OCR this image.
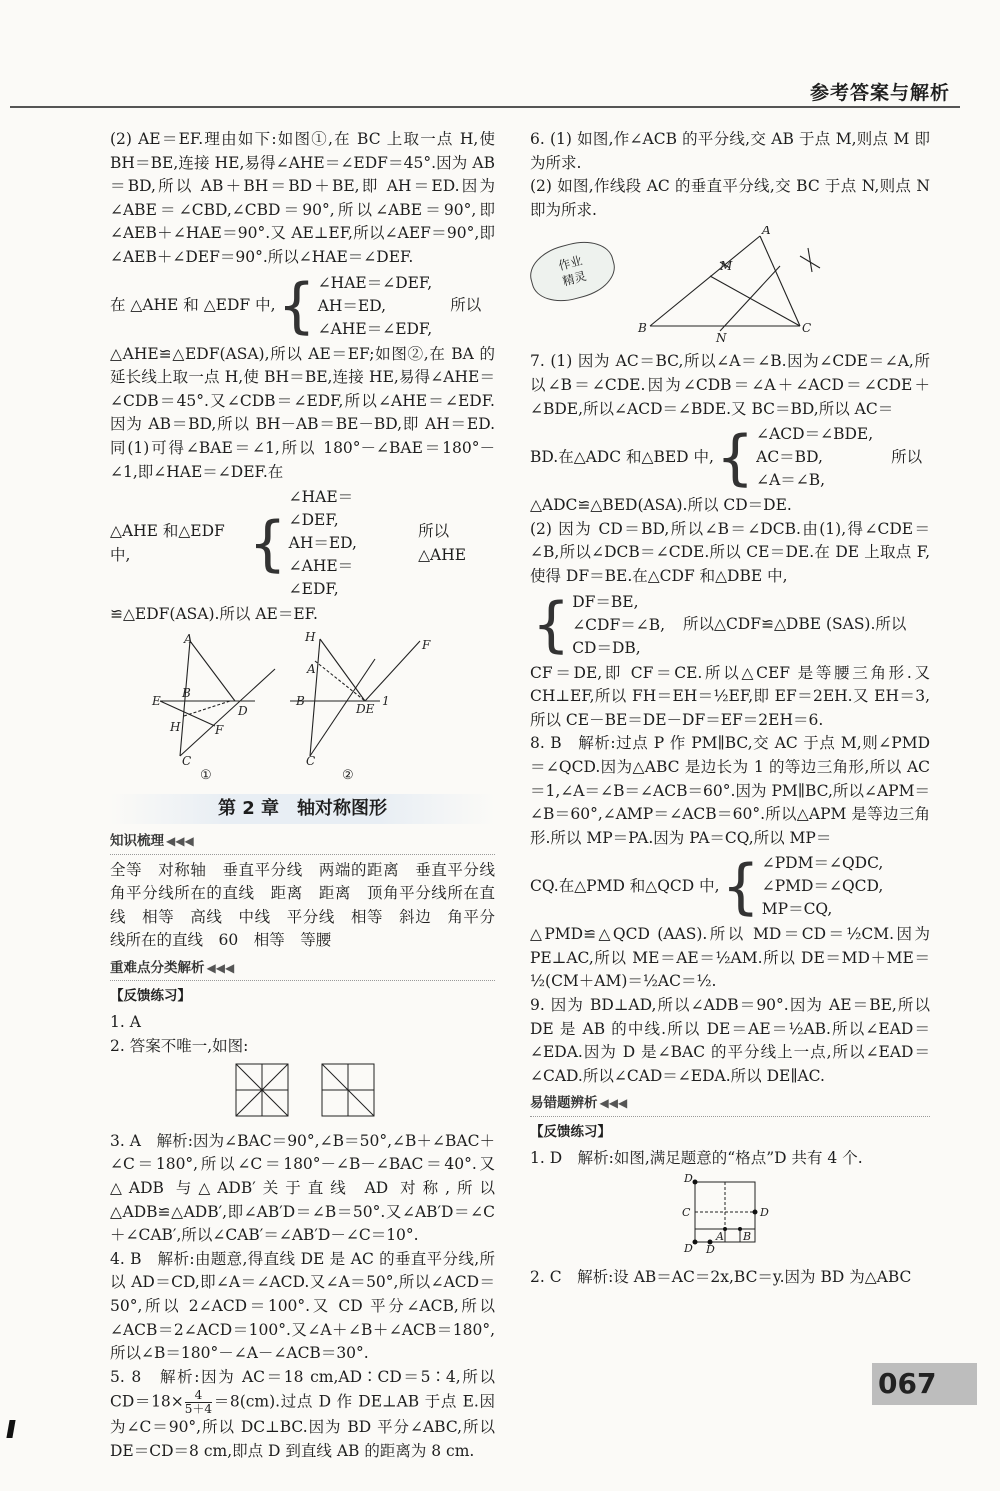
参考答案与解析

(2) AE＝EF.理由如下:如图①,在 BC 上取一点 H,使 BH＝BE,连接 HE,易得∠AHE＝∠EDF＝45°.因为 AB＝BD,所以 AB＋BH＝BD＋BE,即 AH＝ED.因为∠ABE＝∠CBD,∠CBD＝90°,所以∠ABE＝90°,即∠AEB＋∠HAE＝90°.又 AE⊥EF,所以∠AEF＝90°,即∠AEB＋∠DEF＝90°.所以∠HAE＝∠DEF.

在 △AHE 和 △EDF 中, { ∠HAE＝∠DEF,
AH＝ED,
∠AHE＝∠EDF,
所以

△AHE≌△EDF(ASA),所以 AE＝EF;如图②,在 BA 的延长线上取一点 H,使 BH＝BE,连接 HE,易得∠AHE＝∠CDB＝45°.又∠CDB＝∠EDF,所以∠AHE＝∠EDF.因为 AB＝BD,所以 BH－AB＝BE－BD,即 AH＝ED.同(1)可得∠BAE＝∠1,所以 180°－∠BAE＝180°－∠1,即∠HAE＝∠DEF.在

△AHE 和△EDF 中,	{
∠HAE＝∠DEF,
AH＝ED,
∠AHE＝∠EDF,
所以△AHE

≌△EDF(ASA).所以 AE＝EF.

A
B
E
D
H	F
C
H
A
B
DE
1
F
C
①	②
第 2 章　轴对称图形
知识梳理 ◀◀◀

全等　对称轴　垂直平分线　两端的距离　垂直平分线　角平分线所在的直线　距离　距离　顶角平分线所在直线　相等　高线　中线　平分线　相等　斜边　角平分线所在的直线　60　相等　等腰

重难点分类解析 ◀◀◀
【反馈练习】

1. A

2. 答案不唯一,如图:

3. A　解析:因为∠BAC＝90°,∠B＝50°,∠B＋∠BAC＋∠C＝180°,所以∠C＝180°－∠B－∠BAC＝40°.又△ADB 与△ADB′关于直线 AD 对称,所以△ADB≌△ADB′,即∠AB′D＝∠B＝50°.又∠AB′D＝∠C＋∠CAB′,所以∠CAB′＝∠AB′D－∠C＝10°.

4. B　解析:由题意,得直线 DE 是 AC 的垂直平分线,所以 AD＝CD,即∠A＝∠ACD.又∠A＝50°,所以∠ACD＝50°,所以 2∠ACD＝100°.又 CD 平分∠ACB,所以∠ACB＝2∠ACD＝100°.又∠A＋∠B＋∠ACB＝180°,所以∠B＝180°－∠A－∠ACB＝30°.

5. 8　解析:因为 AC＝18 cm,AD∶CD＝5∶4,所以 $CD=18\times \frac{4}{5+4} =8(cm)$.过点 D 作 DE⊥AB 于点 E.因为∠C＝90°,所以 DC⊥BC.因为 BD 平分∠ABC,所以 DE＝CD＝8 cm,即点 D 到直线 AB 的距离为 8 cm.

6. (1) 如图,作∠ACB 的平分线,交 AB 于点 M,则点 M 即为所求.

(2) 如图,作线段 AC 的垂直平分线,交 BC 于点 N,则点 N 即为所求.

A
M
B
N
C
作业
精灵

7. (1) 因为 AC＝BC,所以∠A＝∠B.因为∠CDE＝∠A,所以∠B＝∠CDE.因为∠CDB＝∠A＋∠ACD＝∠CDE＋∠BDE,所以∠ACD＝∠BDE.又 BC＝BD,所以 AC＝

BD.在△ADC 和△BED 中, { ∠ACD＝∠BDE,
AC＝BD,
∠A＝∠B,
所以

△ADC≌△BED(ASA).所以 CD＝DE.

(2) 因为 CD＝BD,所以∠B＝∠DCB.由(1),得∠CDE＝∠B,所以∠DCB＝∠CDE.所以 CE＝DE.在 DE 上取点 F,使得 DF＝BE.在△CDF 和△DBE 中,

{ DF＝BE,
∠CDF＝∠B,
CD＝DB,
所以△CDF≌△DBE (SAS).所以

CF＝DE,即 CF＝CE.所以△CEF 是等腰三角形.又 CH⊥EF,所以 FH＝EH＝½EF,即 EF＝2EH.又 EH＝3,所以 CE－BE＝DE－DF＝EF＝2EH＝6.

8. B　解析:过点 P 作 PM∥BC,交 AC 于点 M,则∠PMD＝∠QCD.因为△ABC 是边长为 1 的等边三角形,所以 AC＝1,∠A＝∠B＝∠ACB＝60°.因为 PM∥BC,所以∠APM＝∠B＝60°,∠AMP＝∠ACB＝60°.所以△APM 是等边三角形.所以 MP＝PA.因为 PA＝CQ,所以 MP＝

CQ.在△PMD 和△QCD 中, { ∠PDM＝∠QDC,
∠PMD＝∠QCD,
MP＝CQ,

△PMD≌△QCD (AAS).所以 MD＝CD＝½CM.因为 PE⊥AC,所以 ME＝AE＝½AM.所以 DE＝MD＋ME＝½(CM＋AM)＝½AC＝½.

9. 因为 BD⊥AD,所以∠ADB＝90°.因为 AE＝BE,所以 DE 是 AB 的中线.所以 DE＝AE＝½AB.所以∠EAD＝∠EDA.因为 D 是∠BAC 的平分线上一点,所以∠EAD＝∠CAD.所以∠CAD＝∠EDA.所以 DE∥AC.

易错题辨析 ◀◀◀
【反馈练习】

1. D　解析:如图,满足题意的“格点”D 共有 4 个.

D
C	D
A B
D D

2. C　解析:设 AB＝AC＝2x,BC＝y.因为 BD 为△ABC

067
